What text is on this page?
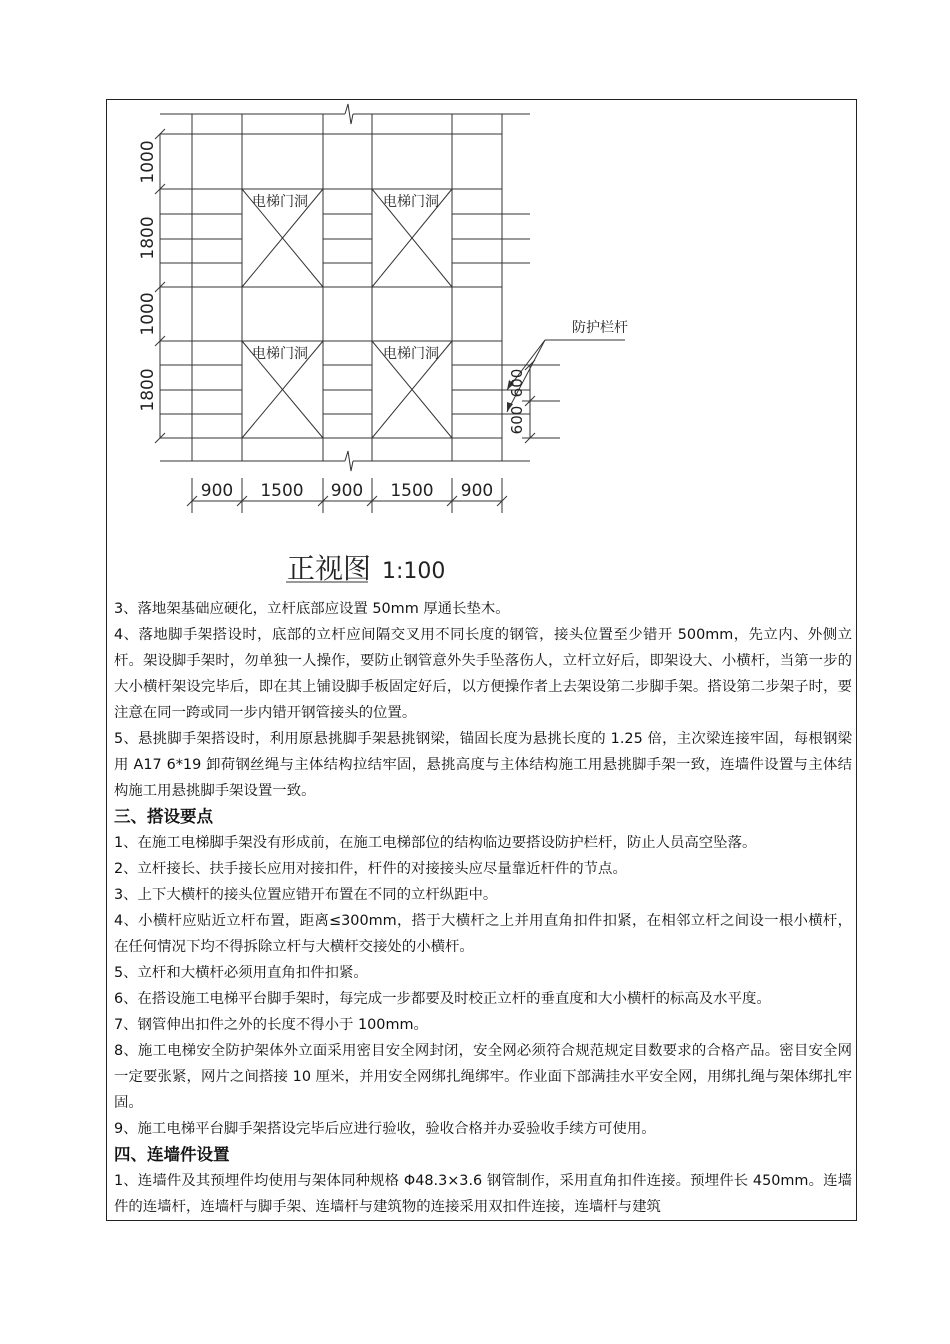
电梯门洞	电梯门洞
电梯门洞	电梯门洞
防护栏杆
1000
1800
1000
1800	600
600
900 1500 900 1500 900
正视图 1:100

3、落地架基础应硬化，立杆底部应设置 50mm 厚通长垫木。

4、落地脚手架搭设时，底部的立杆应间隔交叉用不同长度的钢管，接头位置至少错开 500mm，先立内、外侧立杆。架设脚手架时，勿单独一人操作，要防止钢管意外失手坠落伤人，立杆立好后，即架设大、小横杆，当第一步的大小横杆架设完毕后，即在其上铺设脚手板固定好后，以方便操作者上去架设第二步脚手架。搭设第二步架子时，要注意在同一跨或同一步内错开钢管接头的位置。

5、悬挑脚手架搭设时，利用原悬挑脚手架悬挑钢梁，锚固长度为悬挑长度的 1.25 倍，主次梁连接牢固，每根钢梁用 A17 6*19 卸荷钢丝绳与主体结构拉结牢固，悬挑高度与主体结构施工用悬挑脚手架一致，连墙件设置与主体结构施工用悬挑脚手架设置一致。

三、搭设要点

1、在施工电梯脚手架没有形成前，在施工电梯部位的结构临边要搭设防护栏杆，防止人员高空坠落。

2、立杆接长、扶手接长应用对接扣件，杆件的对接接头应尽量靠近杆件的节点。

3、上下大横杆的接头位置应错开布置在不同的立杆纵距中。

4、小横杆应贴近立杆布置，距离≤300mm，搭于大横杆之上并用直角扣件扣紧，在相邻立杆之间设一根小横杆，在任何情况下均不得拆除立杆与大横杆交接处的小横杆。

5、立杆和大横杆必须用直角扣件扣紧。

6、在搭设施工电梯平台脚手架时，每完成一步都要及时校正立杆的垂直度和大小横杆的标高及水平度。

7、钢管伸出扣件之外的长度不得小于 100mm。

8、施工电梯安全防护架体外立面采用密目安全网封闭，安全网必须符合规范规定目数要求的合格产品。密目安全网一定要张紧，网片之间搭接 10 厘米，并用安全网绑扎绳绑牢。作业面下部满挂水平安全网，用绑扎绳与架体绑扎牢固。

9、施工电梯平台脚手架搭设完毕后应进行验收，验收合格并办妥验收手续方可使用。

四、连墙件设置

1、连墙件及其预埋件均使用与架体同种规格 Φ48.3×3.6 钢管制作，采用直角扣件连接。预埋件长 450mm。连墙件的连墙杆，连墙杆与脚手架、连墙杆与建筑物的连接采用双扣件连接，连墙杆与建筑
